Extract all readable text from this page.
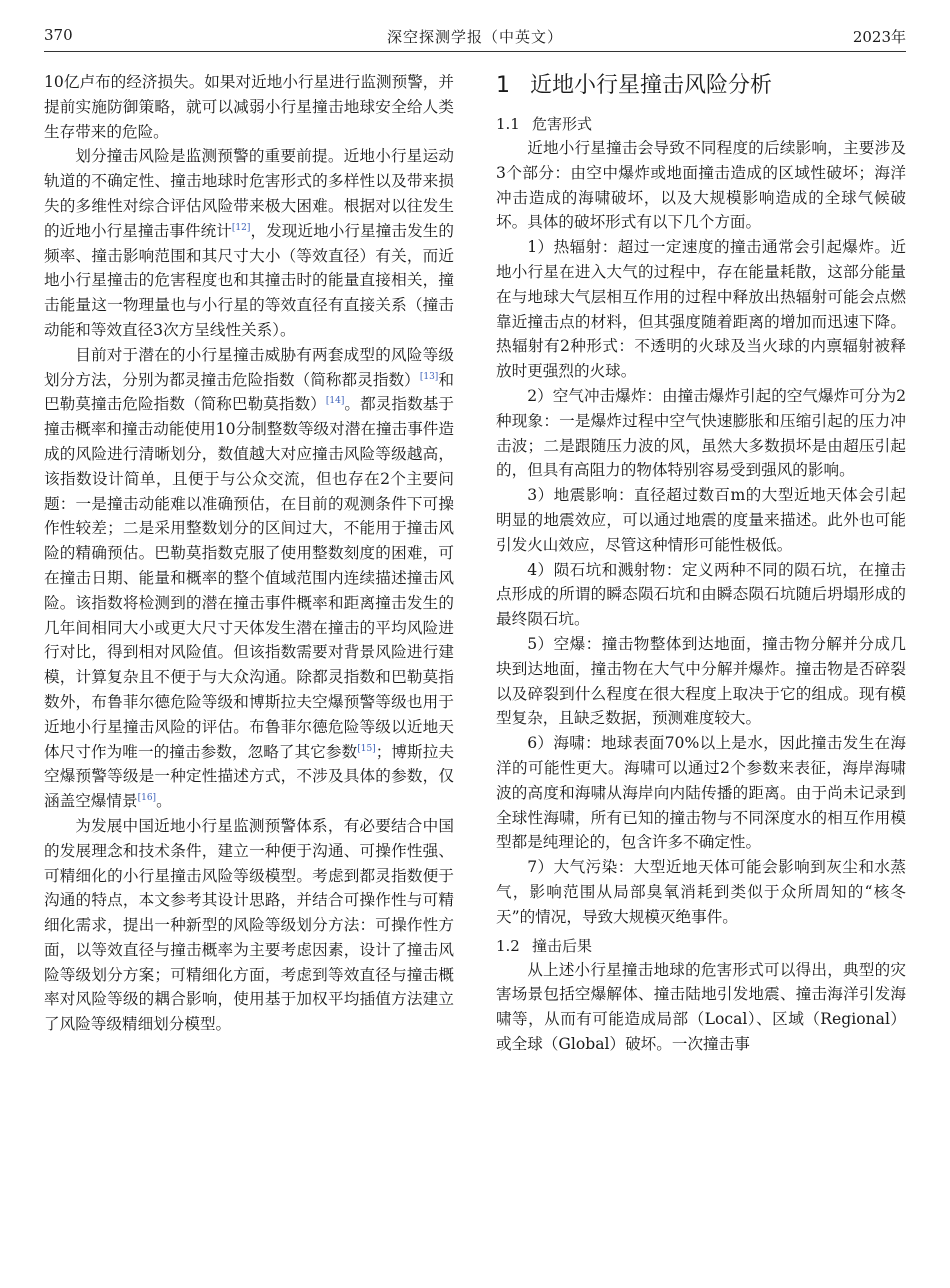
370	深空探测学报（中英文）	2023年

10亿卢布的经济损失。如果对近地小行星进行监测预警，并提前实施防御策略，就可以减弱小行星撞击地球安全给人类生存带来的危险。

划分撞击风险是监测预警的重要前提。近地小行星运动轨道的不确定性、撞击地球时危害形式的多样性以及带来损失的多维性对综合评估风险带来极大困难。根据对以往发生的近地小行星撞击事件统计[12]，发现近地小行星撞击发生的频率、撞击影响范围和其尺寸大小（等效直径）有关，而近地小行星撞击的危害程度也和其撞击时的能量直接相关，撞击能量这一物理量也与小行星的等效直径有直接关系（撞击动能和等效直径3次方呈线性关系）。

目前对于潜在的小行星撞击威胁有两套成型的风险等级划分方法，分别为都灵撞击危险指数（简称都灵指数）[13]和巴勒莫撞击危险指数（简称巴勒莫指数）[14]。都灵指数基于撞击概率和撞击动能使用10分制整数等级对潜在撞击事件造成的风险进行清晰划分，数值越大对应撞击风险等级越高，该指数设计简单，且便于与公众交流，但也存在2个主要问题：一是撞击动能难以准确预估，在目前的观测条件下可操作性较差；二是采用整数划分的区间过大，不能用于撞击风险的精确预估。巴勒莫指数克服了使用整数刻度的困难，可在撞击日期、能量和概率的整个值域范围内连续描述撞击风险。该指数将检测到的潜在撞击事件概率和距离撞击发生的几年间相同大小或更大尺寸天体发生潜在撞击的平均风险进行对比，得到相对风险值。但该指数需要对背景风险进行建模，计算复杂且不便于与大众沟通。除都灵指数和巴勒莫指数外，布鲁菲尔德危险等级和博斯拉夫空爆预警等级也用于近地小行星撞击风险的评估。布鲁菲尔德危险等级以近地天体尺寸作为唯一的撞击参数，忽略了其它参数[15]；博斯拉夫空爆预警等级是一种定性描述方式，不涉及具体的参数，仅涵盖空爆情景[16]。

为发展中国近地小行星监测预警体系，有必要结合中国的发展理念和技术条件，建立一种便于沟通、可操作性强、可精细化的小行星撞击风险等级模型。考虑到都灵指数便于沟通的特点，本文参考其设计思路，并结合可操作性与可精细化需求，提出一种新型的风险等级划分方法：可操作性方面，以等效直径与撞击概率为主要考虑因素，设计了撞击风险等级划分方案；可精细化方面，考虑到等效直径与撞击概率对风险等级的耦合影响，使用基于加权平均插值方法建立了风险等级精细划分模型。

1 近地小行星撞击风险分析
1.1 危害形式

近地小行星撞击会导致不同程度的后续影响，主要涉及3个部分：由空中爆炸或地面撞击造成的区域性破坏；海洋冲击造成的海啸破坏，以及大规模影响造成的全球气候破坏。具体的破坏形式有以下几个方面。

1）热辐射：超过一定速度的撞击通常会引起爆炸。近地小行星在进入大气的过程中，存在能量耗散，这部分能量在与地球大气层相互作用的过程中释放出热辐射可能会点燃靠近撞击点的材料，但其强度随着距离的增加而迅速下降。热辐射有2种形式：不透明的火球及当火球的内禀辐射被释放时更强烈的火球。

2）空气冲击爆炸：由撞击爆炸引起的空气爆炸可分为2种现象：一是爆炸过程中空气快速膨胀和压缩引起的压力冲击波；二是跟随压力波的风，虽然大多数损坏是由超压引起的，但具有高阻力的物体特别容易受到强风的影响。

3）地震影响：直径超过数百m的大型近地天体会引起明显的地震效应，可以通过地震的度量来描述。此外也可能引发火山效应，尽管这种情形可能性极低。

4）陨石坑和溅射物：定义两种不同的陨石坑，在撞击点形成的所谓的瞬态陨石坑和由瞬态陨石坑随后坍塌形成的最终陨石坑。

5）空爆：撞击物整体到达地面，撞击物分解并分成几块到达地面，撞击物在大气中分解并爆炸。撞击物是否碎裂以及碎裂到什么程度在很大程度上取决于它的组成。现有模型复杂，且缺乏数据，预测难度较大。

6）海啸：地球表面70%以上是水，因此撞击发生在海洋的可能性更大。海啸可以通过2个参数来表征，海岸海啸波的高度和海啸从海岸向内陆传播的距离。由于尚未记录到全球性海啸，所有已知的撞击物与不同深度水的相互作用模型都是纯理论的，包含许多不确定性。

7）大气污染：大型近地天体可能会影响到灰尘和水蒸气，影响范围从局部臭氧消耗到类似于众所周知的“核冬天”的情况，导致大规模灭绝事件。

1.2 撞击后果

从上述小行星撞击地球的危害形式可以得出，典型的灾害场景包括空爆解体、撞击陆地引发地震、撞击海洋引发海啸等，从而有可能造成局部（Local）、区域（Regional）或全球（Global）破坏。一次撞击事
